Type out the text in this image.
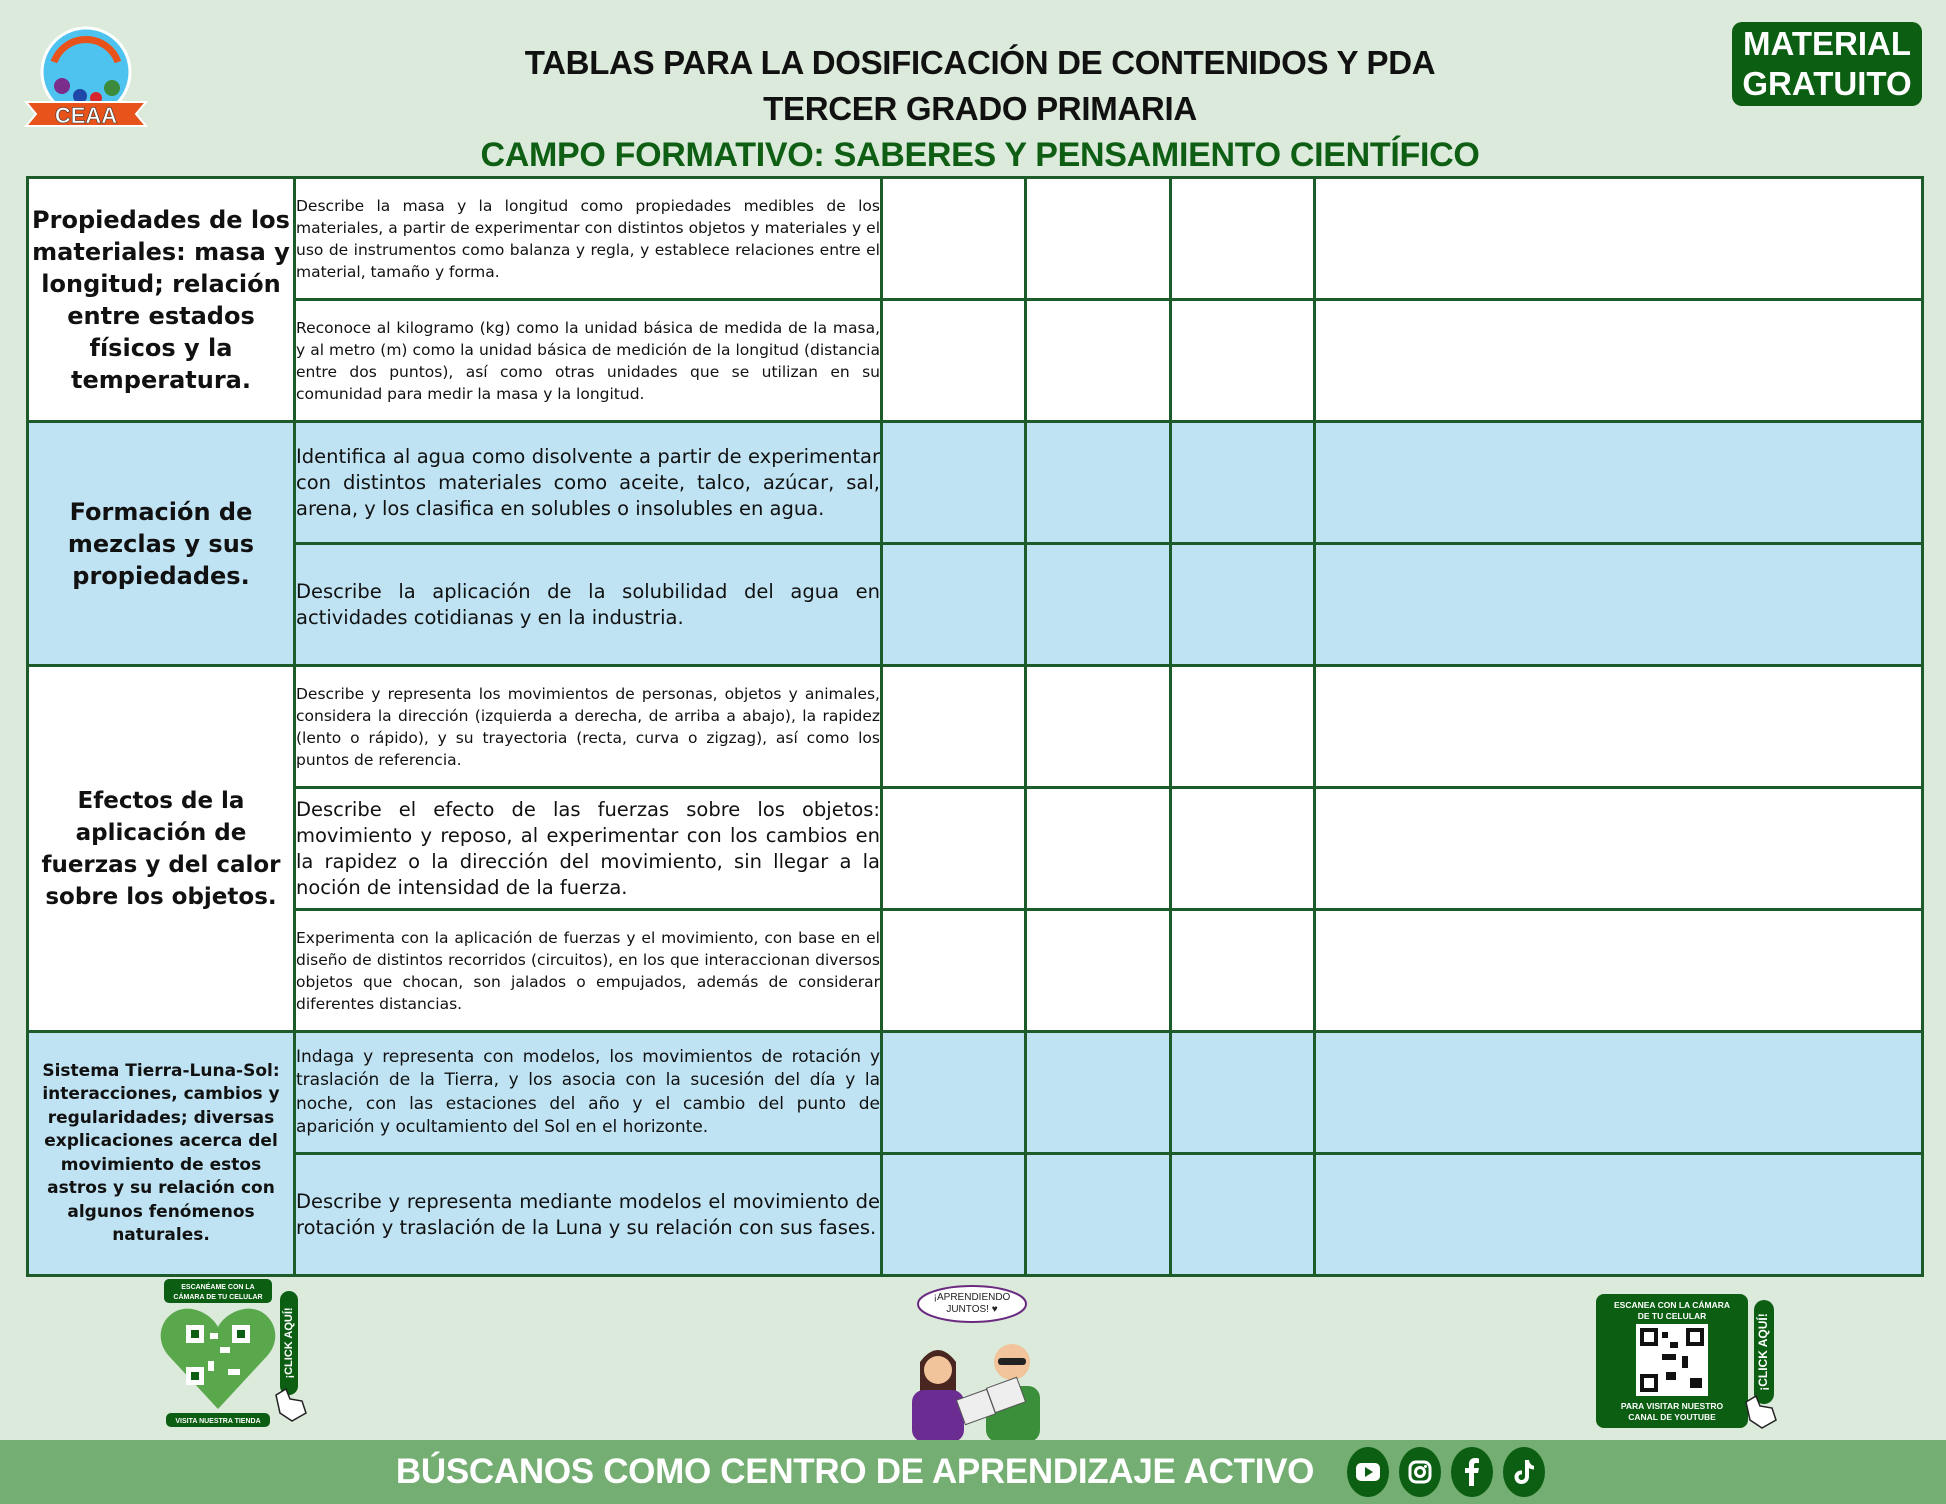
CEAA
TABLAS PARA LA DOSIFICACIÓN DE CONTENIDOS Y PDA
TERCER GRADO PRIMARIA
CAMPO FORMATIVO: SABERES Y PENSAMIENTO CIENTÍFICO
MATERIAL
GRATUITO
Propiedades de los materiales: masa y longitud; relación entre estados físicos y la temperatura.	Describe la masa y la longitud como propiedades medibles de los materiales, a partir de experimentar con distintos objetos y materiales y el uso de instrumentos como balanza y regla, y establece relaciones entre el material, tamaño y forma.				
	Reconoce al kilogramo (kg) como la unidad básica de medida de la masa, y al metro (m) como la unidad básica de medición de la longitud (distancia entre dos puntos), así como otras unidades que se utilizan en su comunidad para medir la masa y la longitud.				
Formación de mezclas y sus propiedades.	Identifica al agua como disolvente a partir de experimentar con distintos materiales como aceite, talco, azúcar, sal, arena, y los clasifica en solubles o insolubles en agua.				
	Describe la aplicación de la solubilidad del agua en actividades cotidianas y en la industria.				
Efectos de la aplicación de fuerzas y del calor sobre los objetos.	Describe y representa los movimientos de personas, objetos y animales, considera la dirección (izquierda a derecha, de arriba a abajo), la rapidez (lento o rápido), y su trayectoria (recta, curva o zigzag), así como los puntos de referencia.				
	Describe el efecto de las fuerzas sobre los objetos: movimiento y reposo, al experimentar con los cambios en la rapidez o la dirección del movimiento, sin llegar a la noción de intensidad de la fuerza.				
	Experimenta con la aplicación de fuerzas y el movimiento, con base en el diseño de distintos recorridos (circuitos), en los que interaccionan diversos objetos que chocan, son jalados o empujados, además de considerar diferentes distancias.				
Sistema Tierra-Luna-Sol: interacciones, cambios y regularidades; diversas explicaciones acerca del movimiento de estos astros y su relación con algunos fenómenos naturales.	Indaga y representa con modelos, los movimientos de rotación y traslación de la Tierra, y los asocia con la sucesión del día y la noche, con las estaciones del año y el cambio del punto de aparición y ocultamiento del Sol en el horizonte.				
	Describe y representa mediante modelos el movimiento de rotación y traslación de la Luna y su relación con sus fases.				
ESCANÉAME CON LA
CÁMARA DE TU CELULAR
VISITA NUESTRA TIENDA
¡CLICK AQUÍ!
¡APRENDIENDO
JUNTOS! ♥	ESCANEA CON LA CÁMARA
DE TU CELULAR
PARA VISITAR NUESTRO
CANAL DE YOUTUBE
¡CLICK AQUÍ!
BÚSCANOS COMO CENTRO DE APRENDIZAJE ACTIVO
